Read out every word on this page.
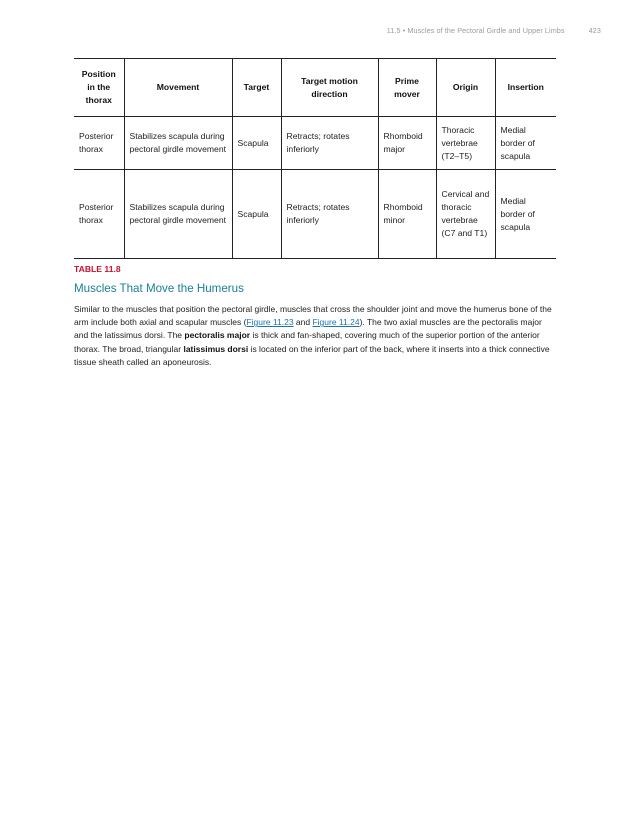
11.5 • Muscles of the Pectoral Girdle and Upper Limbs	423
Position in the thorax	Movement	Target	Target motion direction	Prime mover	Origin	Insertion
Posterior thorax	Stabilizes scapula during pectoral girdle movement	Scapula	Retracts; rotates inferiorly	Rhomboid major	Thoracic vertebrae (T2–T5)	Medial border of scapula
Posterior thorax	Stabilizes scapula during pectoral girdle movement	Scapula	Retracts; rotates inferiorly	Rhomboid minor	Cervical and thoracic vertebrae (C7 and T1)	Medial border of scapula
TABLE 11.8
Muscles That Move the Humerus

Similar to the muscles that position the pectoral girdle, muscles that cross the shoulder joint and move the humerus bone of the arm include both axial and scapular muscles (Figure 11.23 and Figure 11.24). The two axial muscles are the pectoralis major and the latissimus dorsi. The pectoralis major is thick and fan-shaped, covering much of the superior portion of the anterior thorax. The broad, triangular latissimus dorsi is located on the inferior part of the back, where it inserts into a thick connective tissue sheath called an aponeurosis.
